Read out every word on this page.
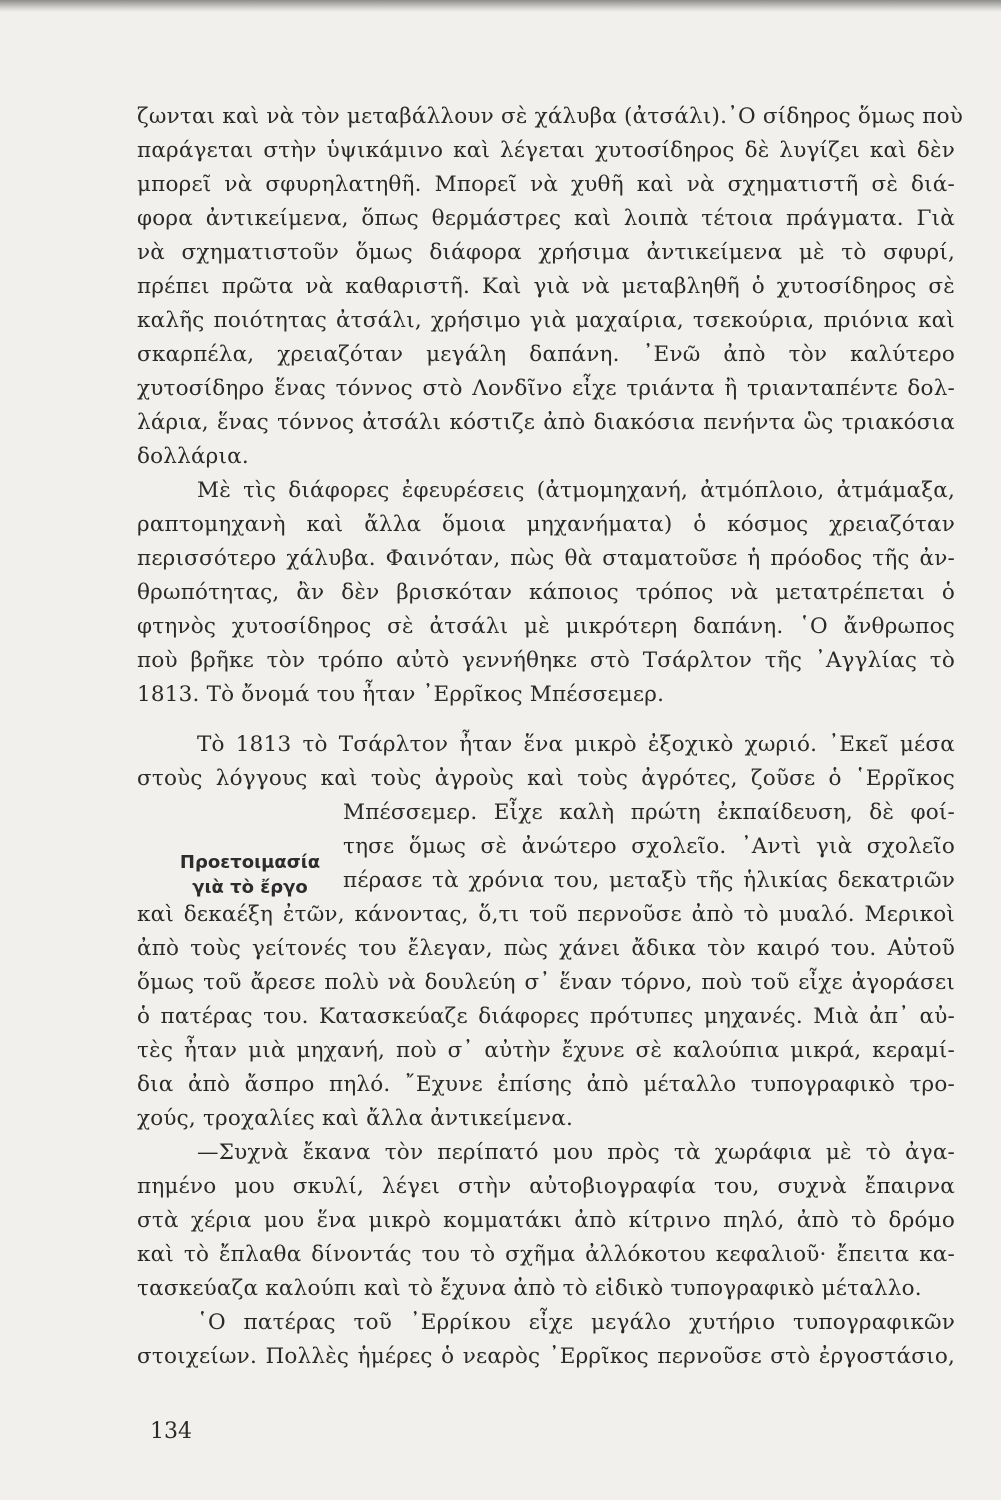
ζωνται καὶ νὰ τὸν μεταβάλλουν σὲ χάλυβα (ἀτσάλι).᾿Ο σίδηρος ὅμως ποὺ
παράγεται στὴν ὑψικάμινο καὶ λέγεται χυτοσίδηρος δὲ λυγίζει καὶ δὲν
μπορεῖ νὰ σφυρηλατηθῆ. Μπορεῖ νὰ χυθῆ καὶ νὰ σχηματιστῆ σὲ διά-
φορα ἀντικείμενα, ὅπως θερμάστρες καὶ λοιπὰ τέτοια πράγματα. Γιὰ
νὰ σχηματιστοῦν ὅμως διάφορα χρήσιμα ἀντικείμενα μὲ τὸ σφυρί,
πρέπει πρῶτα νὰ καθαριστῆ. Καὶ γιὰ νὰ μεταβληθῆ ὁ χυτοσίδηρος σὲ
καλῆς ποιότητας ἀτσάλι, χρήσιμο γιὰ μαχαίρια, τσεκούρια, πριόνια καὶ
σκαρπέλα, χρειαζόταν μεγάλη δαπάνη. ᾿Ενῶ ἀπὸ τὸν καλύτερο
χυτοσίδηρο ἕνας τόννος στὸ Λονδῖνο εἶχε τριάντα ἢ τριανταπέντε δολ-
λάρια, ἕνας τόννος ἀτσάλι κόστιζε ἀπὸ διακόσια πενήντα ὣς τριακόσια
δολλάρια.
Μὲ τὶς διάφορες ἐφευρέσεις (ἀτμομηχανή, ἀτμόπλοιο, ἀτμάμαξα,
ραπτομηχανὴ καὶ ἄλλα ὅμοια μηχανήματα) ὁ κόσμος χρειαζόταν
περισσότερο χάλυβα. Φαινόταν, πὼς θὰ σταματοῦσε ἡ πρόοδος τῆς ἀν-
θρωπότητας, ἂν δὲν βρισκόταν κάποιος τρόπος νὰ μετατρέπεται ὁ
φτηνὸς χυτοσίδηρος σὲ ἀτσάλι μὲ μικρότερη δαπάνη. ῾Ο ἄνθρωπος
ποὺ βρῆκε τὸν τρόπο αὐτὸ γεννήθηκε στὸ Τσάρλτον τῆς ᾿Αγγλίας τὸ
1813. Τὸ ὄνομά του ἦταν ᾿Ερρῖκος Μπέσσεμερ.
Τὸ 1813 τὸ Τσάρλτον ἦταν ἕνα μικρὸ ἐξοχικὸ χωριό. ᾿Εκεῖ μέσα
στοὺς λόγγους καὶ τοὺς ἀγροὺς καὶ τοὺς ἀγρότες, ζοῦσε ὁ ῾Ερρῖκος
Μπέσσεμερ. Εἶχε καλὴ πρώτη ἐκπαίδευση, δὲ φοί-
τησε ὅμως σὲ ἀνώτερο σχολεῖο. ᾿Αντὶ γιὰ σχολεῖο
πέρασε τὰ χρόνια του, μεταξὺ τῆς ἡλικίας δεκατριῶν
καὶ δεκαέξη ἐτῶν, κάνοντας, ὅ,τι τοῦ περνοῦσε ἀπὸ τὸ μυαλό. Μερικοὶ
ἀπὸ τοὺς γείτονές του ἔλεγαν, πὼς χάνει ἄδικα τὸν καιρό του. Αὐτοῦ
ὅμως τοῦ ἄρεσε πολὺ νὰ δουλεύη σ᾿ ἕναν τόρνο, ποὺ τοῦ εἶχε ἀγοράσει
ὁ πατέρας του. Κατασκεύαζε διάφορες πρότυπες μηχανές. Μιὰ ἀπ᾿ αὐ-
τὲς ἦταν μιὰ μηχανή, ποὺ σ᾿ αὐτὴν ἔχυνε σὲ καλούπια μικρά, κεραμί-
δια ἀπὸ ἄσπρο πηλό. ῎Εχυνε ἐπίσης ἀπὸ μέταλλο τυπογραφικὸ τρο-
χούς, τροχαλίες καὶ ἄλλα ἀντικείμενα.
—Συχνὰ ἔκανα τὸν περίπατό μου πρὸς τὰ χωράφια μὲ τὸ ἀγα-
πημένο μου σκυλί, λέγει στὴν αὐτοβιογραφία του, συχνὰ ἔπαιρνα
στὰ χέρια μου ἕνα μικρὸ κομματάκι ἀπὸ κίτρινο πηλό, ἀπὸ τὸ δρόμο
καὶ τὸ ἔπλαθα δίνοντάς του τὸ σχῆμα ἀλλόκοτου κεφαλιοῦ· ἔπειτα κα-
τασκεύαζα καλούπι καὶ τὸ ἔχυνα ἀπὸ τὸ εἰδικὸ τυπογραφικὸ μέταλλο.
῾Ο πατέρας τοῦ ᾿Ερρίκου εἶχε μεγάλο χυτήριο τυπογραφικῶν
στοιχείων. Πολλὲς ἡμέρες ὁ νεαρὸς ᾿Ερρῖκος περνοῦσε στὸ ἐργοστάσιο,
Προετοιμασία
γιὰ τὸ ἔργο
134
